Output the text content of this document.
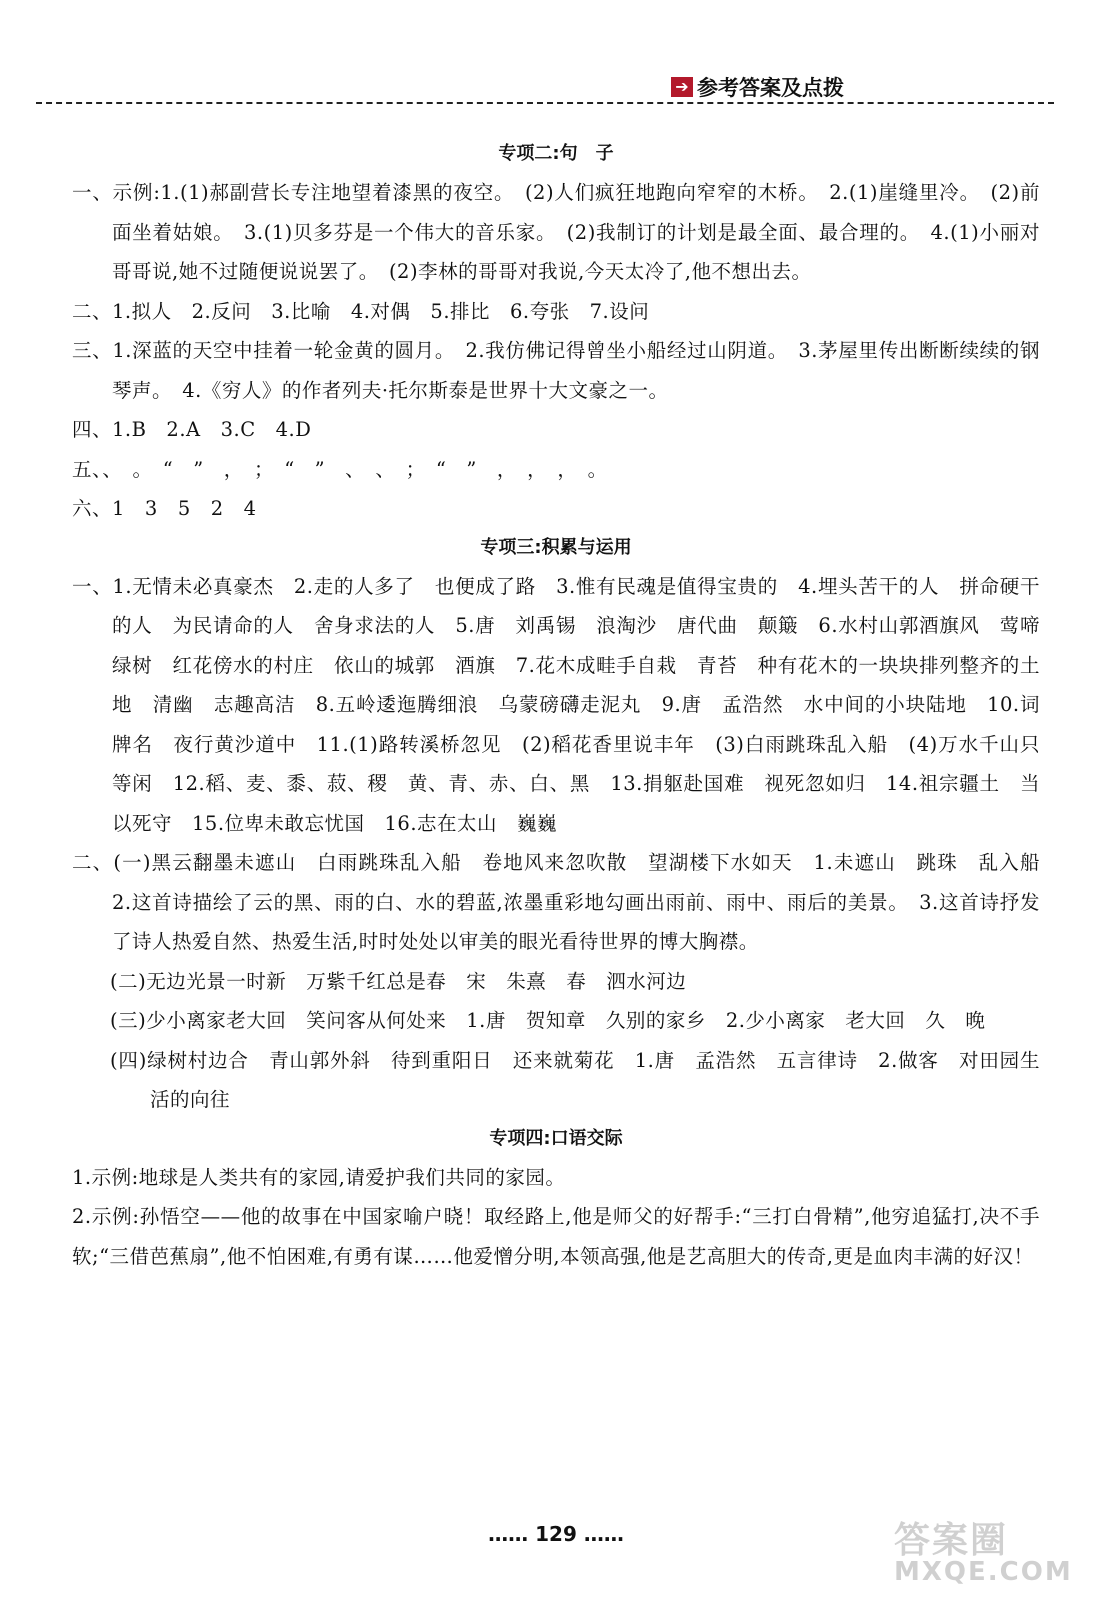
➔ 参考答案及点拨
专项二:句　子

一、示例:1.(1)郝副营长专注地望着漆黑的夜空。　(2)人们疯狂地跑向窄窄的木桥。　2.(1)崖缝里冷。　(2)前面坐着姑娘。　3.(1)贝多芬是一个伟大的音乐家。　(2)我制订的计划是最全面、最合理的。　4.(1)小丽对哥哥说,她不过随便说说罢了。　(2)李林的哥哥对我说,今天太冷了,他不想出去。

二、1.拟人　2.反问　3.比喻　4.对偶　5.排比　6.夸张　7.设问

三、1.深蓝的天空中挂着一轮金黄的圆月。　2.我仿佛记得曾坐小船经过山阴道。　3.茅屋里传出断断续续的钢琴声。　4.《穷人》的作者列夫·托尔斯泰是世界十大文豪之一。

四、1.B　2.A　3.C　4.D

五、、　。　“　”　，　；　“　”　、　、　；　“　”　，　，　，　。

六、1　3　5　2　4

专项三:积累与运用

一、1.无情未必真豪杰　2.走的人多了　也便成了路　3.惟有民魂是值得宝贵的　4.埋头苦干的人　拼命硬干的人　为民请命的人　舍身求法的人　5.唐　刘禹锡　浪淘沙　唐代曲　颠簸　6.水村山郭酒旗风　莺啼　绿树　红花傍水的村庄　依山的城郭　酒旗　7.花木成畦手自栽　青苔　种有花木的一块块排列整齐的土地　清幽　志趣高洁　8.五岭逶迤腾细浪　乌蒙磅礴走泥丸　9.唐　孟浩然　水中间的小块陆地　10.词牌名　夜行黄沙道中　11.(1)路转溪桥忽见　(2)稻花香里说丰年　(3)白雨跳珠乱入船　(4)万水千山只等闲　12.稻、麦、黍、菽、稷　黄、青、赤、白、黑　13.捐躯赴国难　视死忽如归　14.祖宗疆土　当以死守　15.位卑未敢忘忧国　16.志在太山　巍巍

二、(一)黑云翻墨未遮山　白雨跳珠乱入船　卷地风来忽吹散　望湖楼下水如天　1.未遮山　跳珠　乱入船　2.这首诗描绘了云的黑、雨的白、水的碧蓝,浓墨重彩地勾画出雨前、雨中、雨后的美景。　3.这首诗抒发了诗人热爱自然、热爱生活,时时处处以审美的眼光看待世界的博大胸襟。

(二)无边光景一时新　万紫千红总是春　宋　朱熹　春　泗水河边

(三)少小离家老大回　笑问客从何处来　1.唐　贺知章　久别的家乡　2.少小离家　老大回　久　晚

(四)绿树村边合　青山郭外斜　待到重阳日　还来就菊花　1.唐　孟浩然　五言律诗　2.做客　对田园生活的向往

专项四:口语交际

1.示例:地球是人类共有的家园,请爱护我们共同的家园。

2.示例:孙悟空——他的故事在中国家喻户晓！取经路上,他是师父的好帮手:“三打白骨精”,他穷追猛打,决不手软;“三借芭蕉扇”,他不怕困难,有勇有谋……他爱憎分明,本领高强,他是艺高胆大的传奇,更是血肉丰满的好汉！

…… 129 ……	答案圈
MXQE.COM
